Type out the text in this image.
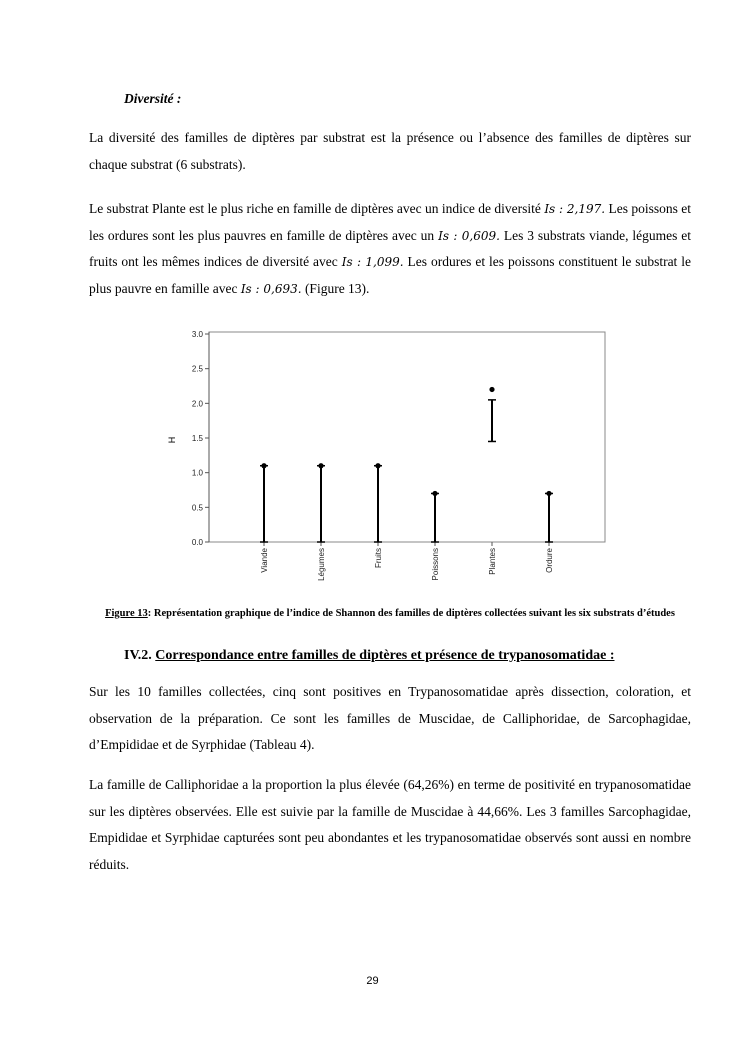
Diversité :

La diversité des familles de diptères par substrat est la présence ou l’absence des familles de diptères sur chaque substrat (6 substrats).

Le substrat Plante est le plus riche en famille de diptères avec un indice de diversité Is : 2,197. Les poissons et les ordures sont les plus pauvres en famille de diptères avec un Is : 0,609. Les 3 substrats viande, légumes et fruits ont les mêmes indices de diversité avec Is : 1,099. Les ordures et les poissons constituent le substrat le plus pauvre en famille avec Is : 0,693. (Figure 13).

H
0.0
0.5
1.0
1.5
2.0
2.5
3.0
Viande	Légumes	Fruits	Poissons	Plantes	Ordure
Figure 13: Représentation graphique de l’indice de Shannon des familles de diptères collectées suivant les six substrats d’études
IV.2. Correspondance entre familles de diptères et présence de trypanosomatidae :

Sur les 10 familles collectées, cinq sont positives en Trypanosomatidae après dissection, coloration, et observation de la préparation. Ce sont les familles de Muscidae, de Calliphoridae, de Sarcophagidae, d’Empididae et de Syrphidae (Tableau 4).

La famille de Calliphoridae a la proportion la plus élevée (64,26%) en terme de positivité en trypanosomatidae sur les diptères observées. Elle est suivie par la famille de Muscidae à 44,66%. Les 3 familles Sarcophagidae, Empididae et Syrphidae capturées sont peu abondantes et les trypanosomatidae observés sont aussi en nombre réduits.

29
